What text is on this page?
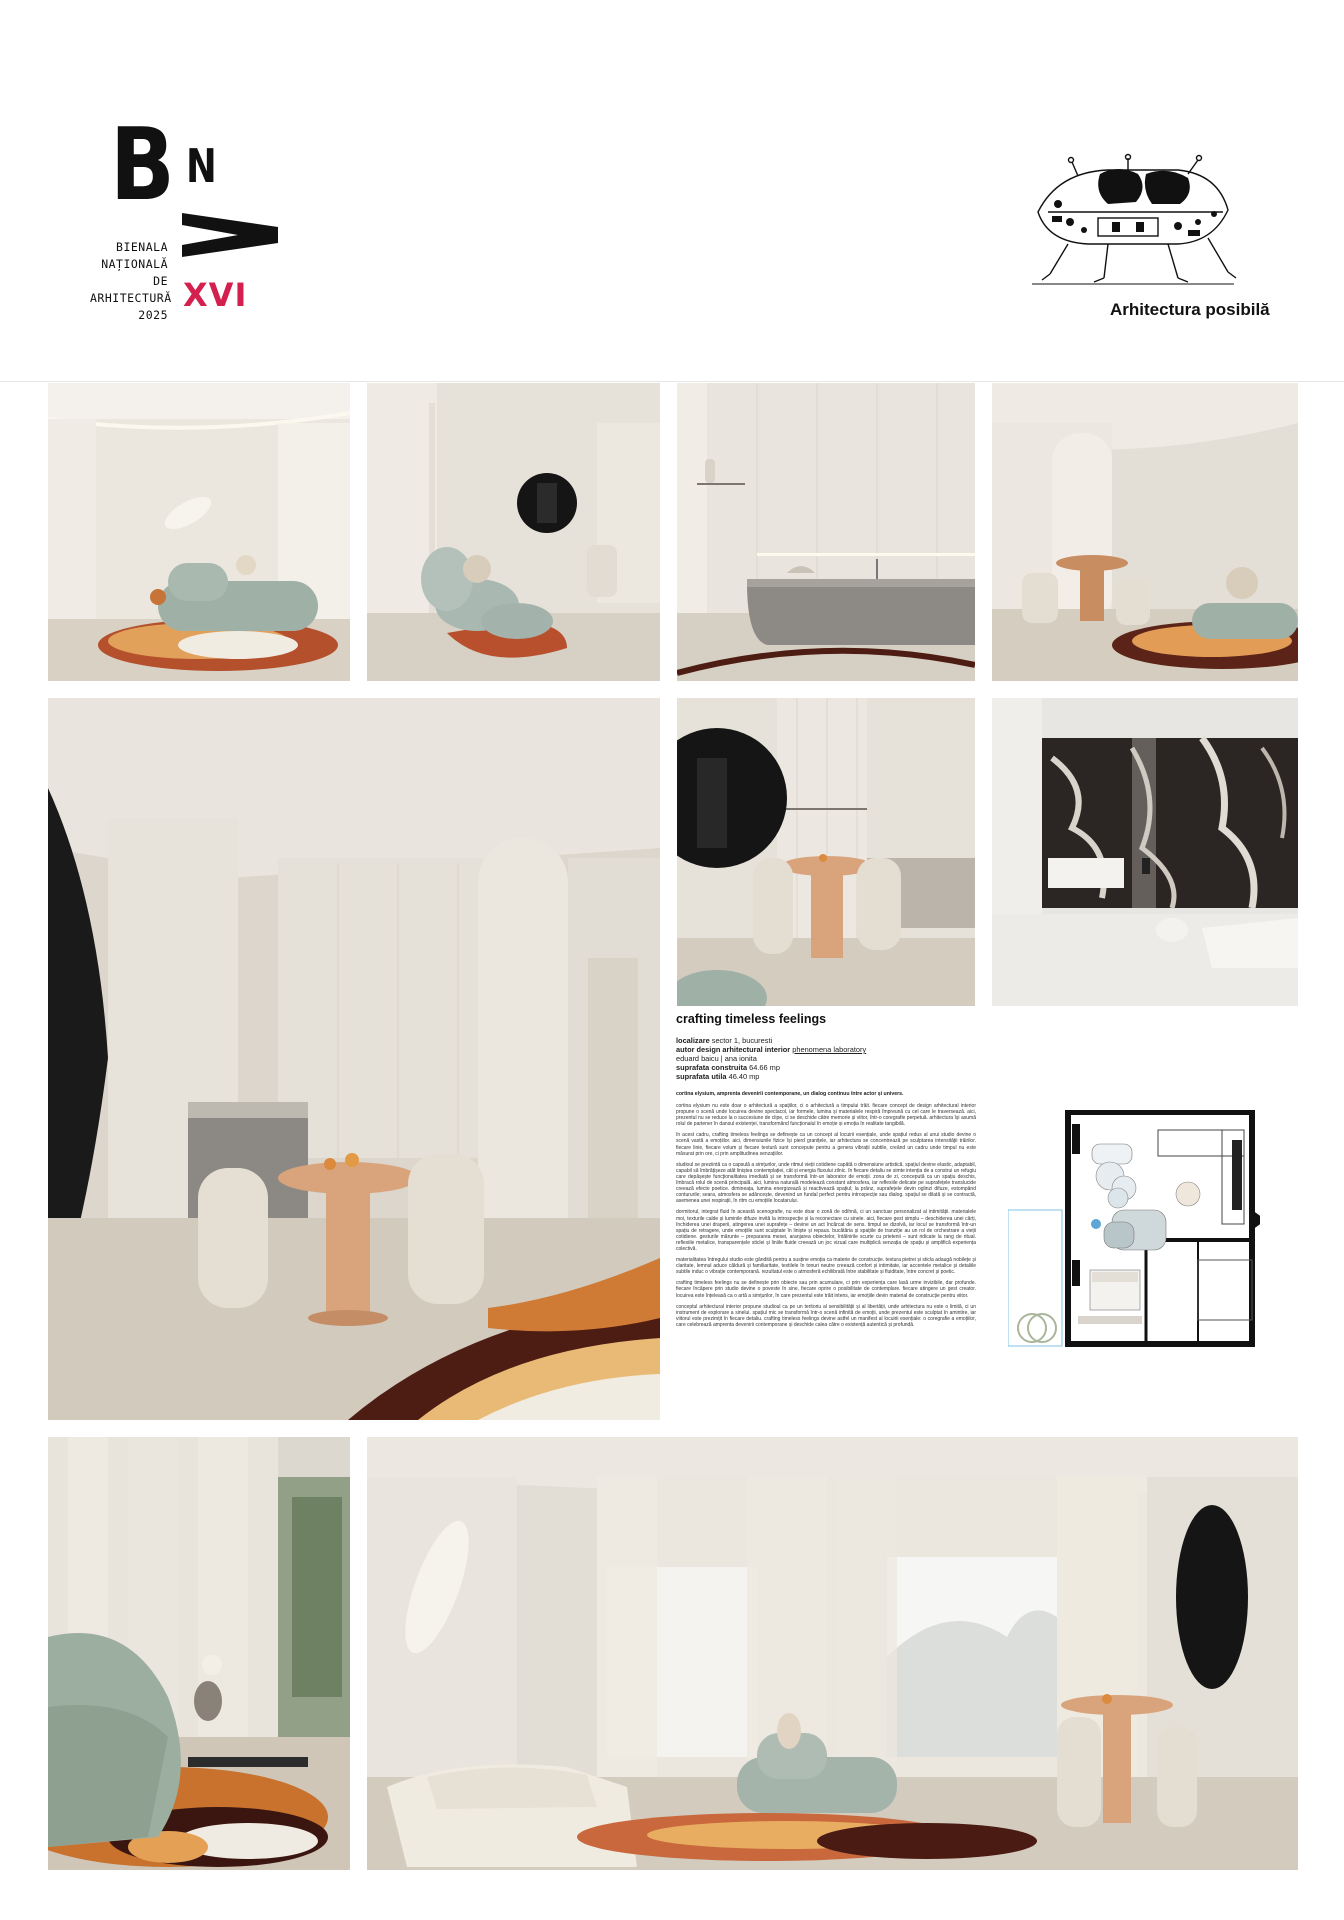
B N
BIENALA
NAȚIONALĂ
DE
ARHITECTURĂ
2025
XVI	Arhitectura posibilă
crafting timeless feelings
localizare sector 1, bucuresti
autor design arhitectural interior phenomena laboratory
eduard baicu | ana ionita
suprafata construita 64.66 mp
suprafata utila 46.40 mp
cortina elysium, amprenta devenirii contemporane, un dialog continuu între actor și univers.

cortina elysium nu este doar o arhitectură a spațiilor, ci o arhitectură a timpului trăit. fiecare concept de design arhitectural interior propune o scenă unde locuirea devine spectacol, iar formele, lumina și materialele respiră împreună cu cel care le traversează. aici, prezentul nu se reduce la o succesiune de clipe, ci se deschide către memorie și viitor, într-o coregrafie perpetuă. arhitectura își asumă rolul de partener în dansul existenței, transformând funcționalul în emoție și emoția în realitate tangibilă.

în acest cadru, crafting timeless feelings se definește ca un concept al locuirii esențiale, unde spațiul redus al unui studio devine o scenă vastă a emoțiilor. aici, dimensiunile fizice își pierd granițele, iar arhitectura se concentrează pe sculptarea intensității trăirilor. fiecare linie, fiecare volum și fiecare textură sunt concepute pentru a genera vibrații subtile, creând un cadru unde timpul nu este măsurat prin ore, ci prin amplitudinea senzațiilor.

studioul se preziintă ca o capsulă a simțurilor, unde ritmul vieții cotidiene capătă o dimensiune artistică. spațiul devine elastic, adaptabil, capabil să îmbrățișeze atât liniștea contemplației, cât și energia fluxului zilnic. în fiecare detaliu se simte intenția de a construi un refugiu care depășește funcționalitatea imediată și se transformă într-un laborator de emoții. zona de zi, concepută ca un spațiu deschis, îmbracă rolul de scenă principală. aici, lumina naturală modelează constant atmosfera, iar reflexiile delicate pe suprafețele translucide creează efecte poetice. dimineața, lumina energizează și reactivează spațiul; la prânz, suprafețele devin oglinzi difuze, estompând contururile; seara, atmosfera se adâncește, devenind un fundal perfect pentru introspecție sau dialog. spațiul se dilată și se contractă, asemenea unei respirații, în ritm cu emoțiile locatarului.

dormitorul, integrat fluid în această scenografie, nu este doar o zonă de odihnă, ci un sanctuar personalizat al intimității. materialele moi, texturile calde și luminile difuze invită la introspecție și la reconectare cu sinele. aici, fiecare gest simplu – deschiderea unei cărți, închiderea unei draperii, atingerea unei suprafețe – devine un act încărcat de sens. timpul se dizolvă, iar locul se transformă într-un spațiu de retragere, unde emoțiile sunt sculptate în liniște și repaus. bucătăria și spațiile de tranziție au un rol de orchestrare a vieții cotidiene. gesturile mărunte – prepararea mesei, aranjarea obiectelor, întâlnirile scurte cu prietenii – sunt ridicate la rang de ritual. reflexiile metalice, transparențele sticlei și liniile fluide creează un joc vizual care multiplică senzația de spațiu și amplifică experiența colectivă.

materialitatea întregului studio este gândită pentru a susține emoția ca materie de construcție. textura pietrei și sticla adaugă nobilețe și claritate, lemnul aduce căldură și familiaritate, textilele în tonuri neutre creează confort și intimitate, iar accentele metalice și detaliile subtile induc o vibrație contemporană. rezultatul este o atmosferă echilibrată între stabilitate și fluiditate, între concret și poetic.

crafting timeless feelings nu se definește prin obiecte sau prin acumulare, ci prin experiența care lasă urme invizibile, dar profunde. fiecare încăpere prin studio devine o poveste în sine, fiecare oprire o posibilitate de contemplare. fiecare atingere un gest creator. locuirea este înțeleasă ca o artă a simțurilor, în care prezentul este trăit intens, iar emoțiile devin material de construcție pentru viitor.

conceptul arhitectural interior propune studioul ca pe un teritoriu al sensibilității și al libertății, unde arhitectura nu este o limită, ci un instrument de explorare a sinelui. spațiul mic se transformă într-o scenă infinită de emoții, unde prezentul este sculptat în amintire, iar viitorul este prezimțit în fiecare detaliu. crafting timeless feelings devine astfel un manifest al locuirii esențiale: o coregrafie a emoțiilor, care celebrează amprenta devenirii contemporane și deschide calea către o existență autentică și profundă.
